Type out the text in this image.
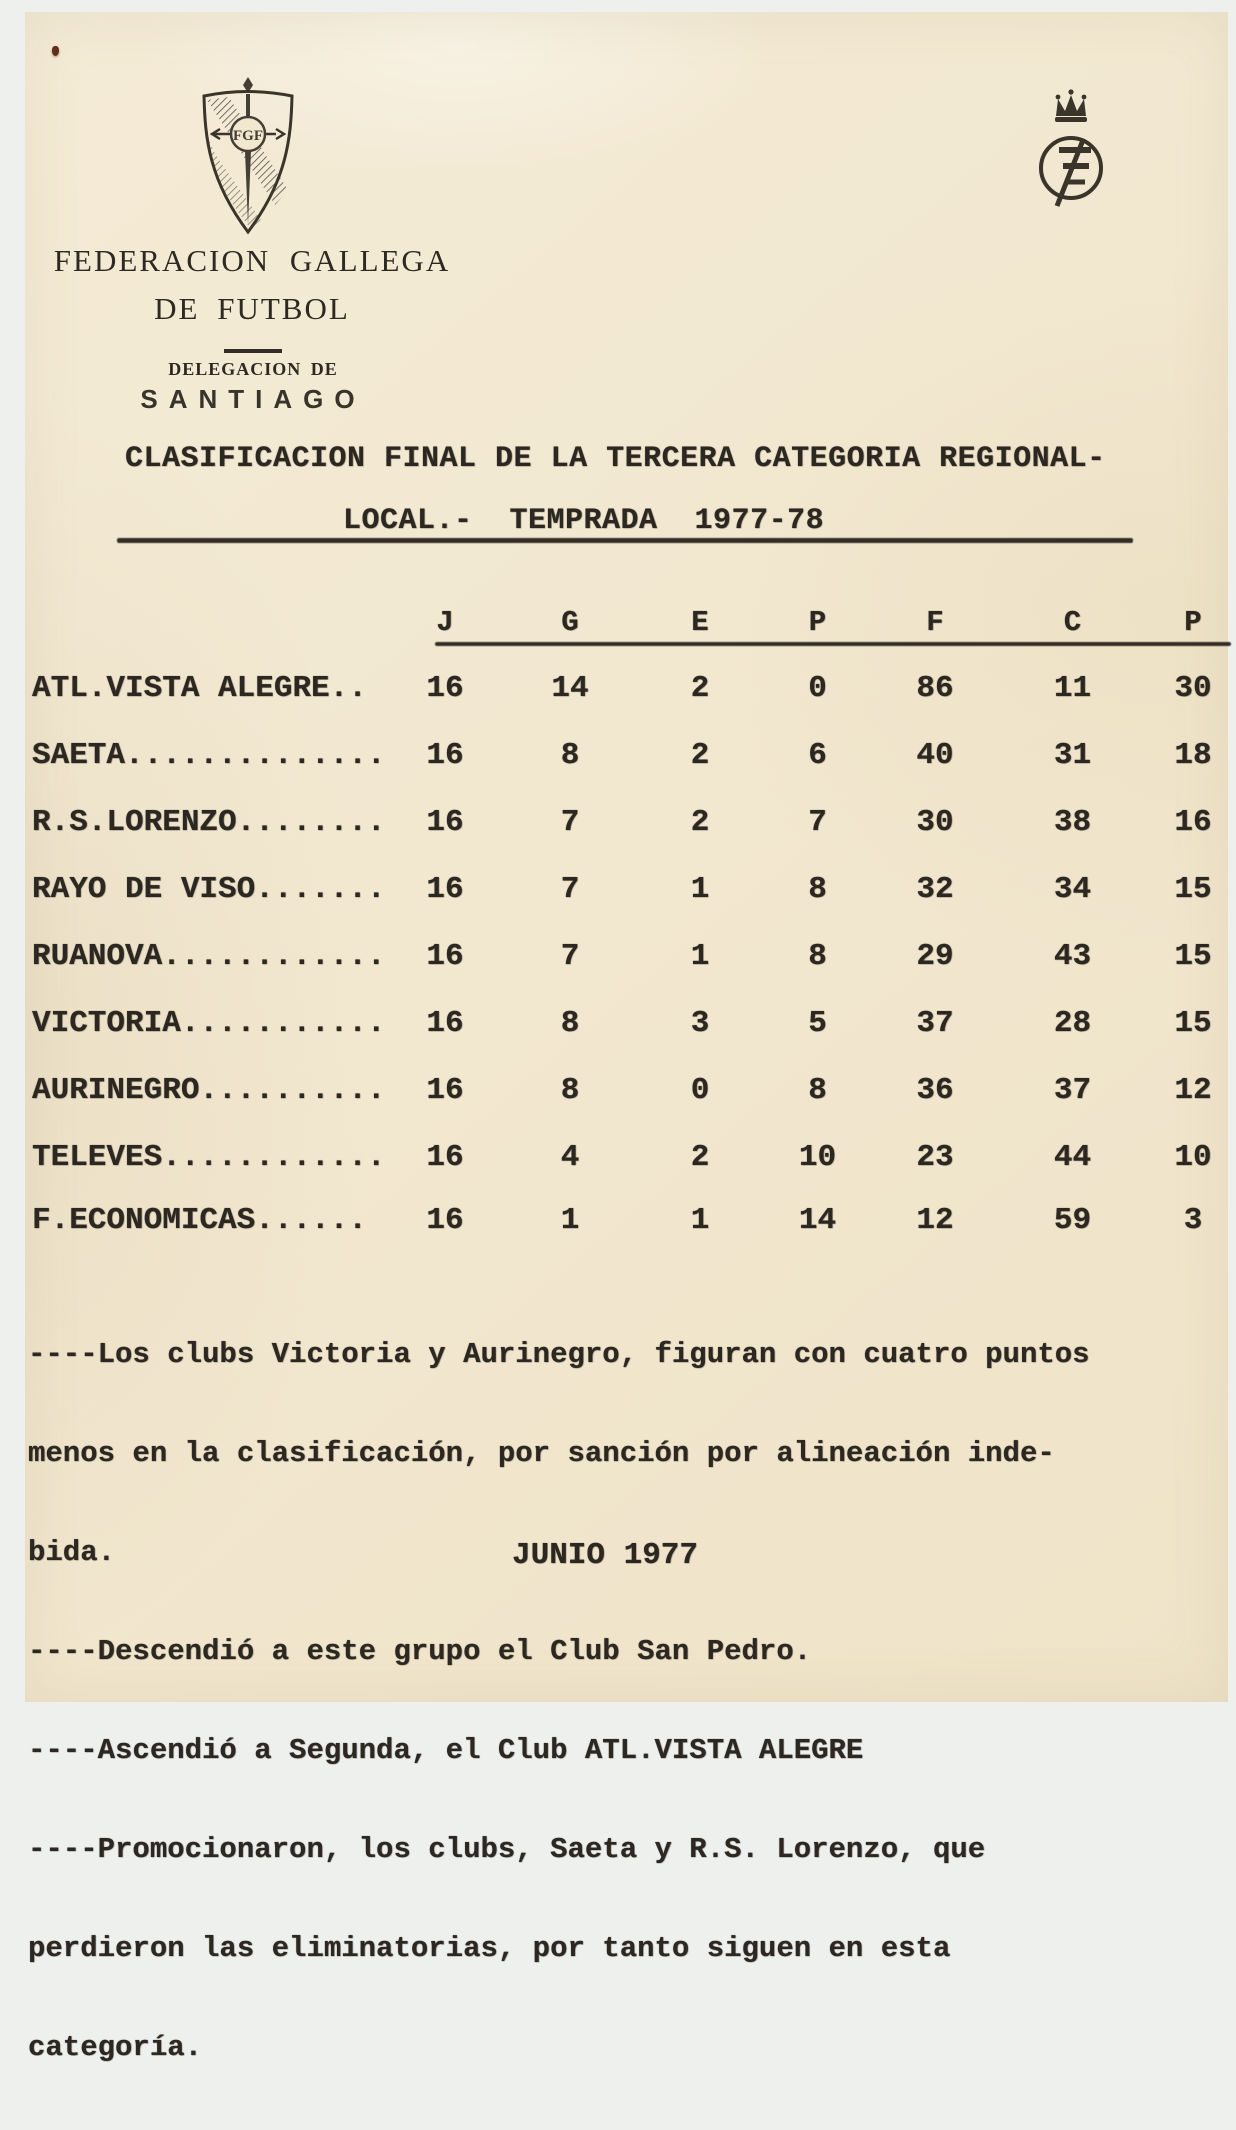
FGF
FEDERACION GALLEGA
DE FUTBOL
DELEGACION DE
SANTIAGO
CLASIFICACION FINAL DE LA TERCERA CATEGORIA REGIONAL-
LOCAL.-  TEMPRADA  1977-78
J	G	E	P	F	C	P
ATL.VISTA ALEGRE..	16	14	2	0	86	11	30
SAETA..............	16	8	2	6	40	31	18
R.S.LORENZO........	16	7	2	7	30	38	16
RAYO DE VISO.......	16	7	1	8	32	34	15
RUANOVA............	16	7	1	8	29	43	15
VICTORIA...........	16	8	3	5	37	28	15
AURINEGRO..........	16	8	0	8	36	37	12
TELEVES............	16	4	2	10	23	44	10
F.ECONOMICAS......	16	1	1	14	12	59	3

----Los clubs Victoria y Aurinegro, figuran con cuatro puntos

menos en la clasificación, por sanción por alineación inde-

bida.

----Descendió a este grupo el Club San Pedro.

----Ascendió a Segunda, el Club ATL.VISTA ALEGRE

----Promocionaron, los clubs, Saeta y R.S. Lorenzo, que

perdieron las eliminatorias, por tanto siguen en esta

categoría.

JUNIO 1977
